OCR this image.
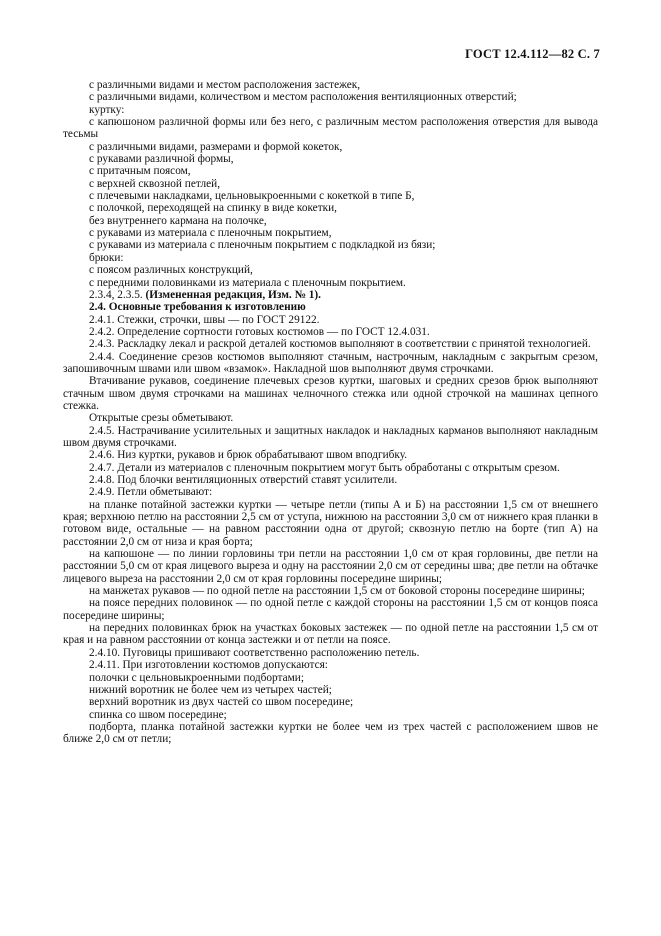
ГОСТ 12.4.112—82 С. 7

с различными видами и местом расположения застежек,

с различными видами, количеством и местом расположения вентиляционных отверстий;

куртку:

с капюшоном различной формы или без него, с различным местом расположения отверстия для вывода тесьмы

с различными видами, размерами и формой кокеток,

с рукавами различной формы,

с притачным поясом,

с верхней сквозной петлей,

с плечевыми накладками, цельновыкроенными с кокеткой в типе Б,

с полочкой, переходящей на спинку в виде кокетки,

без внутреннего кармана на полочке,

с рукавами из материала с пленочным покрытием,

с рукавами из материала с пленочным покрытием с подкладкой из бязи;

брюки:

с поясом различных конструкций,

с передними половинками из материала с пленочным покрытием.

2.3.4, 2.3.5. (Измененная редакция, Изм. № 1).

2.4. Основные требования к изготовлению

2.4.1. Стежки, строчки, швы — по ГОСТ 29122.

2.4.2. Определение сортности готовых костюмов — по ГОСТ 12.4.031.

2.4.3. Раскладку лекал и раскрой деталей костюмов выполняют в соответствии с принятой технологией.

2.4.4. Соединение срезов костюмов выполняют стачным, настрочным, накладным с закрытым срезом, запошивочным швами или швом «взамок». Накладной шов выполняют двумя строчками.

Втачивание рукавов, соединение плечевых срезов куртки, шаговых и средних срезов брюк выполняют стачным швом двумя строчками на машинах челночного стежка или одной строчкой на машинах цепного стежка.

Открытые срезы обметывают.

2.4.5. Настрачивание усилительных и защитных накладок и накладных карманов выполняют накладным швом двумя строчками.

2.4.6. Низ куртки, рукавов и брюк обрабатывают швом вподгибку.

2.4.7. Детали из материалов с пленочным покрытием могут быть обработаны с открытым срезом.

2.4.8. Под блочки вентиляционных отверстий ставят усилители.

2.4.9. Петли обметывают:

на планке потайной застежки куртки — четыре петли (типы А и Б) на расстоянии 1,5 см от внешнего края; верхнюю петлю на расстоянии 2,5 см от уступа, нижнюю на расстоянии 3,0 см от нижнего края планки в готовом виде, остальные — на равном расстоянии одна от другой; сквозную петлю на борте (тип А) на расстоянии 2,0 см от низа и края борта;

на капюшоне — по линии горловины три петли на расстоянии 1,0 см от края горловины, две петли на расстоянии 5,0 см от края лицевого выреза и одну на расстоянии 2,0 см от середины шва; две петли на обтачке лицевого выреза на расстоянии 2,0 см от края горловины посередине ширины;

на манжетах рукавов — по одной петле на расстоянии 1,5 см от боковой стороны посередине ширины;

на поясе передних половинок — по одной петле с каждой стороны на расстоянии 1,5 см от концов пояса посередине ширины;

на передних половинках брюк на участках боковых застежек — по одной петле на расстоянии 1,5 см от края и на равном расстоянии от конца застежки и от петли на поясе.

2.4.10. Пуговицы пришивают соответственно расположению петель.

2.4.11. При изготовлении костюмов допускаются:

полочки с цельновыкроенными подбортами;

нижний воротник не более чем из четырех частей;

верхний воротник из двух частей со швом посередине;

спинка со швом посередине;

подборта, планка потайной застежки куртки не более чем из трех частей с расположением швов не ближе 2,0 см от петли;
